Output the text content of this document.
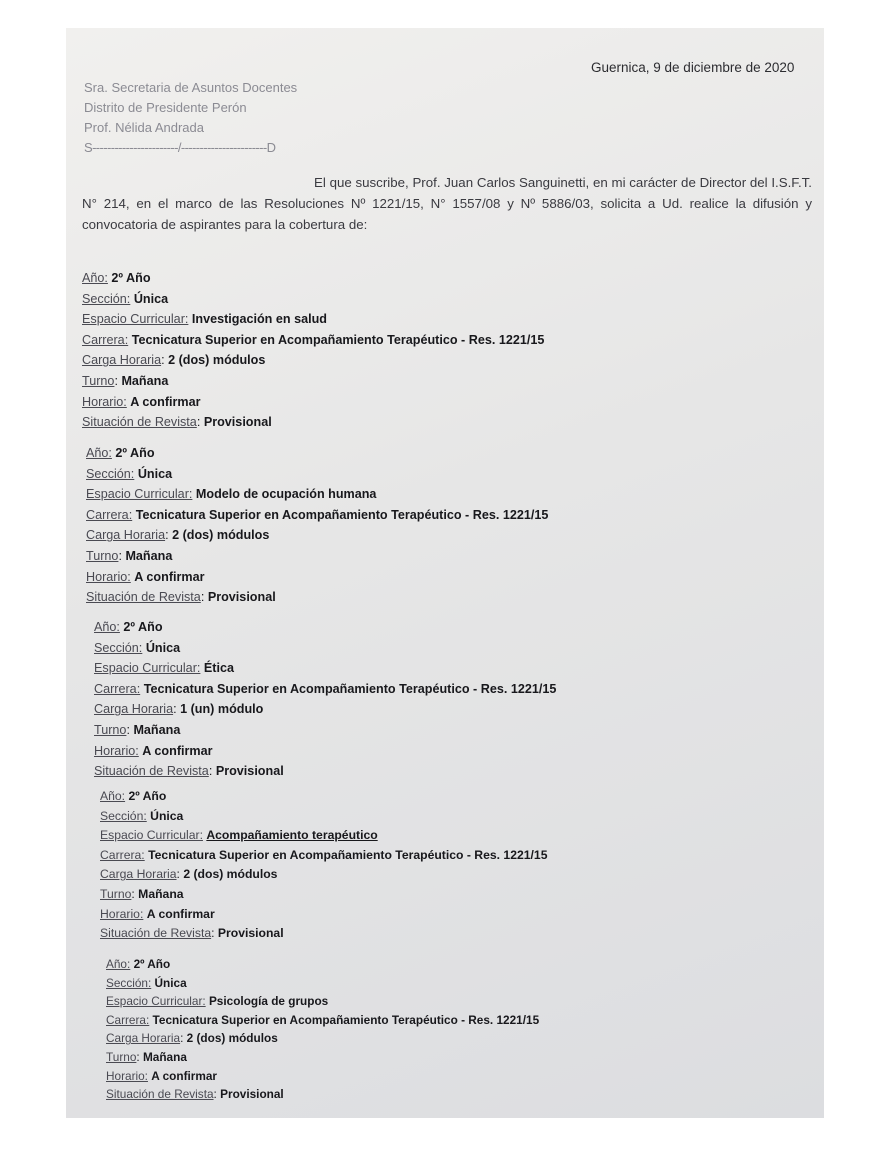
Guernica, 9 de diciembre de 2020
Sra. Secretaria de Asuntos Docentes
Distrito de Presidente Perón
Prof. Nélida Andrada
S-----------------------/-----------------------D

El que suscribe, Prof. Juan Carlos Sanguinetti, en mi carácter de Director del I.S.F.T. N° 214, en el marco de las Resoluciones Nº 1221/15, N° 1557/08 y Nº 5886/03, solicita a Ud. realice la difusión y convocatoria de aspirantes para la cobertura de:

Año: 2º Año
Sección: Única
Espacio Curricular: Investigación en salud
Carrera: Tecnicatura Superior en Acompañamiento Terapéutico - Res. 1221/15
Carga Horaria: 2 (dos) módulos
Turno: Mañana
Horario: A confirmar
Situación de Revista: Provisional
Año: 2º Año
Sección: Única
Espacio Curricular: Modelo de ocupación humana
Carrera: Tecnicatura Superior en Acompañamiento Terapéutico - Res. 1221/15
Carga Horaria: 2 (dos) módulos
Turno: Mañana
Horario: A confirmar
Situación de Revista: Provisional
Año: 2º Año
Sección: Única
Espacio Curricular: Ética
Carrera: Tecnicatura Superior en Acompañamiento Terapéutico - Res. 1221/15
Carga Horaria: 1 (un) módulo
Turno: Mañana
Horario: A confirmar
Situación de Revista: Provisional
Año: 2º Año
Sección: Única
Espacio Curricular: Acompañamiento terapéutico
Carrera: Tecnicatura Superior en Acompañamiento Terapéutico - Res. 1221/15
Carga Horaria: 2 (dos) módulos
Turno: Mañana
Horario: A confirmar
Situación de Revista: Provisional
Año: 2º Año
Sección: Única
Espacio Curricular: Psicología de grupos
Carrera: Tecnicatura Superior en Acompañamiento Terapéutico - Res. 1221/15
Carga Horaria: 2 (dos) módulos
Turno: Mañana
Horario: A confirmar
Situación de Revista: Provisional
